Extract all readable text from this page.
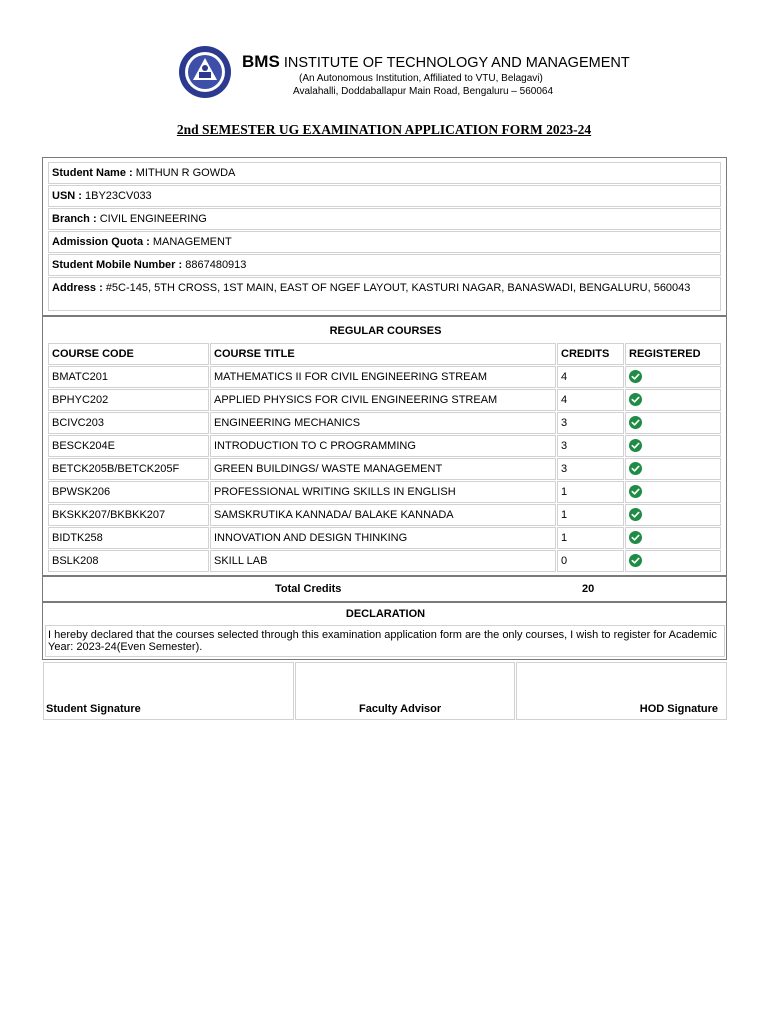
BMS INSTITUTE OF TECHNOLOGY AND MANAGEMENT
(An Autonomous Institution, Affiliated to VTU, Belagavi)
Avalahalli, Doddaballapur Main Road, Bengaluru – 560064
2nd SEMESTER UG EXAMINATION APPLICATION FORM 2023-24
Student Name : MITHUN R GOWDA
USN : 1BY23CV033
Branch : CIVIL ENGINEERING
Admission Quota : MANAGEMENT
Student Mobile Number : 8867480913
Address : #5C-145, 5TH CROSS, 1ST MAIN, EAST OF NGEF LAYOUT, KASTURI NAGAR, BANASWADI, BENGALURU, 560043
REGULAR COURSES
COURSE CODE	COURSE TITLE	CREDITS	REGISTERED
BMATC201	MATHEMATICS II FOR CIVIL ENGINEERING STREAM	4
BPHYC202	APPLIED PHYSICS FOR CIVIL ENGINEERING STREAM	4
BCIVC203	ENGINEERING MECHANICS	3
BESCK204E	INTRODUCTION TO C PROGRAMMING	3
BETCK205B/BETCK205F	GREEN BUILDINGS/ WASTE MANAGEMENT	3
BPWSK206	PROFESSIONAL WRITING SKILLS IN ENGLISH	1
BKSKK207/BKBKK207	SAMSKRUTIKA KANNADA/ BALAKE KANNADA	1
BIDTK258	INNOVATION AND DESIGN THINKING	1
BSLK208	SKILL LAB	0
Total Credits	20
DECLARATION
I hereby declared that the courses selected through this examination application form are the only courses, I wish to register for Academic Year: 2023-24(Even Semester).
Student Signature	Faculty Advisor	HOD Signature
